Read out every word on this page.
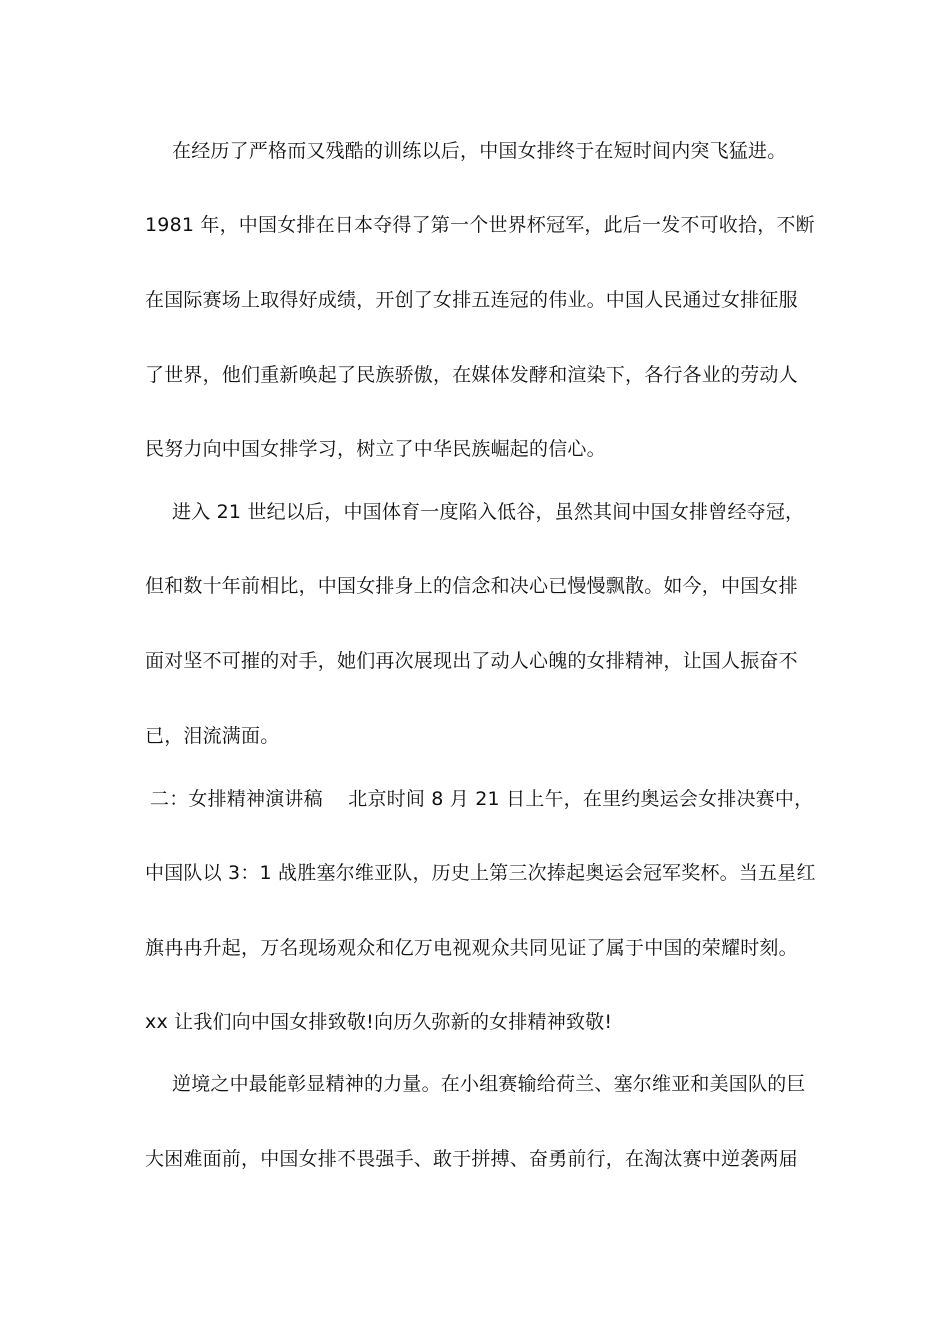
在经历了严格而又残酷的训练以后，中国女排终于在短时间内突飞猛进。
1981 年，中国女排在日本夺得了第一个世界杯冠军，此后一发不可收拾，不断
在国际赛场上取得好成绩，开创了女排五连冠的伟业。中国人民通过女排征服
了世界，他们重新唤起了民族骄傲，在媒体发酵和渲染下，各行各业的劳动人
民努力向中国女排学习，树立了中华民族崛起的信心。
进入 21 世纪以后，中国体育一度陷入低谷，虽然其间中国女排曾经夺冠，
但和数十年前相比，中国女排身上的信念和决心已慢慢飘散。如今，中国女排
面对坚不可摧的对手，她们再次展现出了动人心魄的女排精神，让国人振奋不
已，泪流满面。
二：女排精神演讲稿　 北京时间 8 月 21 日上午，在里约奥运会女排决赛中，
中国队以 3：1 战胜塞尔维亚队，历史上第三次捧起奥运会冠军奖杯。当五星红
旗冉冉升起，万名现场观众和亿万电视观众共同见证了属于中国的荣耀时刻。
xx 让我们向中国女排致敬!向历久弥新的女排精神致敬!
逆境之中最能彰显精神的力量。在小组赛输给荷兰、塞尔维亚和美国队的巨
大困难面前，中国女排不畏强手、敢于拼搏、奋勇前行，在淘汰赛中逆袭两届
